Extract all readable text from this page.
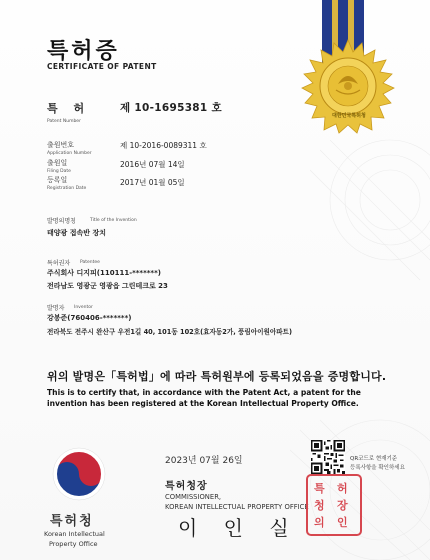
대한민국특허청
특허증
CERTIFICATE OF PATENT
특 허
Patent Number
제 10-1695381 호
출원번호
Application Number
제 10-2016-0089311 호
출원일
Filing Date
2016년 07월 14일
등록일
Registration Date
2017년 01월 05일
발명의명칭	Title of the Invention
태양광 접속반 장치
특허권자 Patentee
주식회사 디지피(110111-*******)
전라남도 영광군 영광읍 그린테크로 23
발명자 Inventor
강봉준(760406-*******)
전라북도 전주시 완산구 우전1길 40, 101동 102호(효자동2가, 풍림아이원아파트)
위의 발명은「특허법」에 따라 특허원부에 등록되었음을 증명합니다.
This is to certify that, in accordance with the Patent Act, a patent for the invention has been registered at the Korean Intellectual Property Office.
특허청
Korean Intellectual
Property Office
2023년 07월 26일
특허청장
COMMISSIONER,
KOREAN INTELLECTUAL PROPERTY OFFICE
이 인 실
QR코드로 현재기준
등록사항을 확인하세요
특 허
청 장
의 인
